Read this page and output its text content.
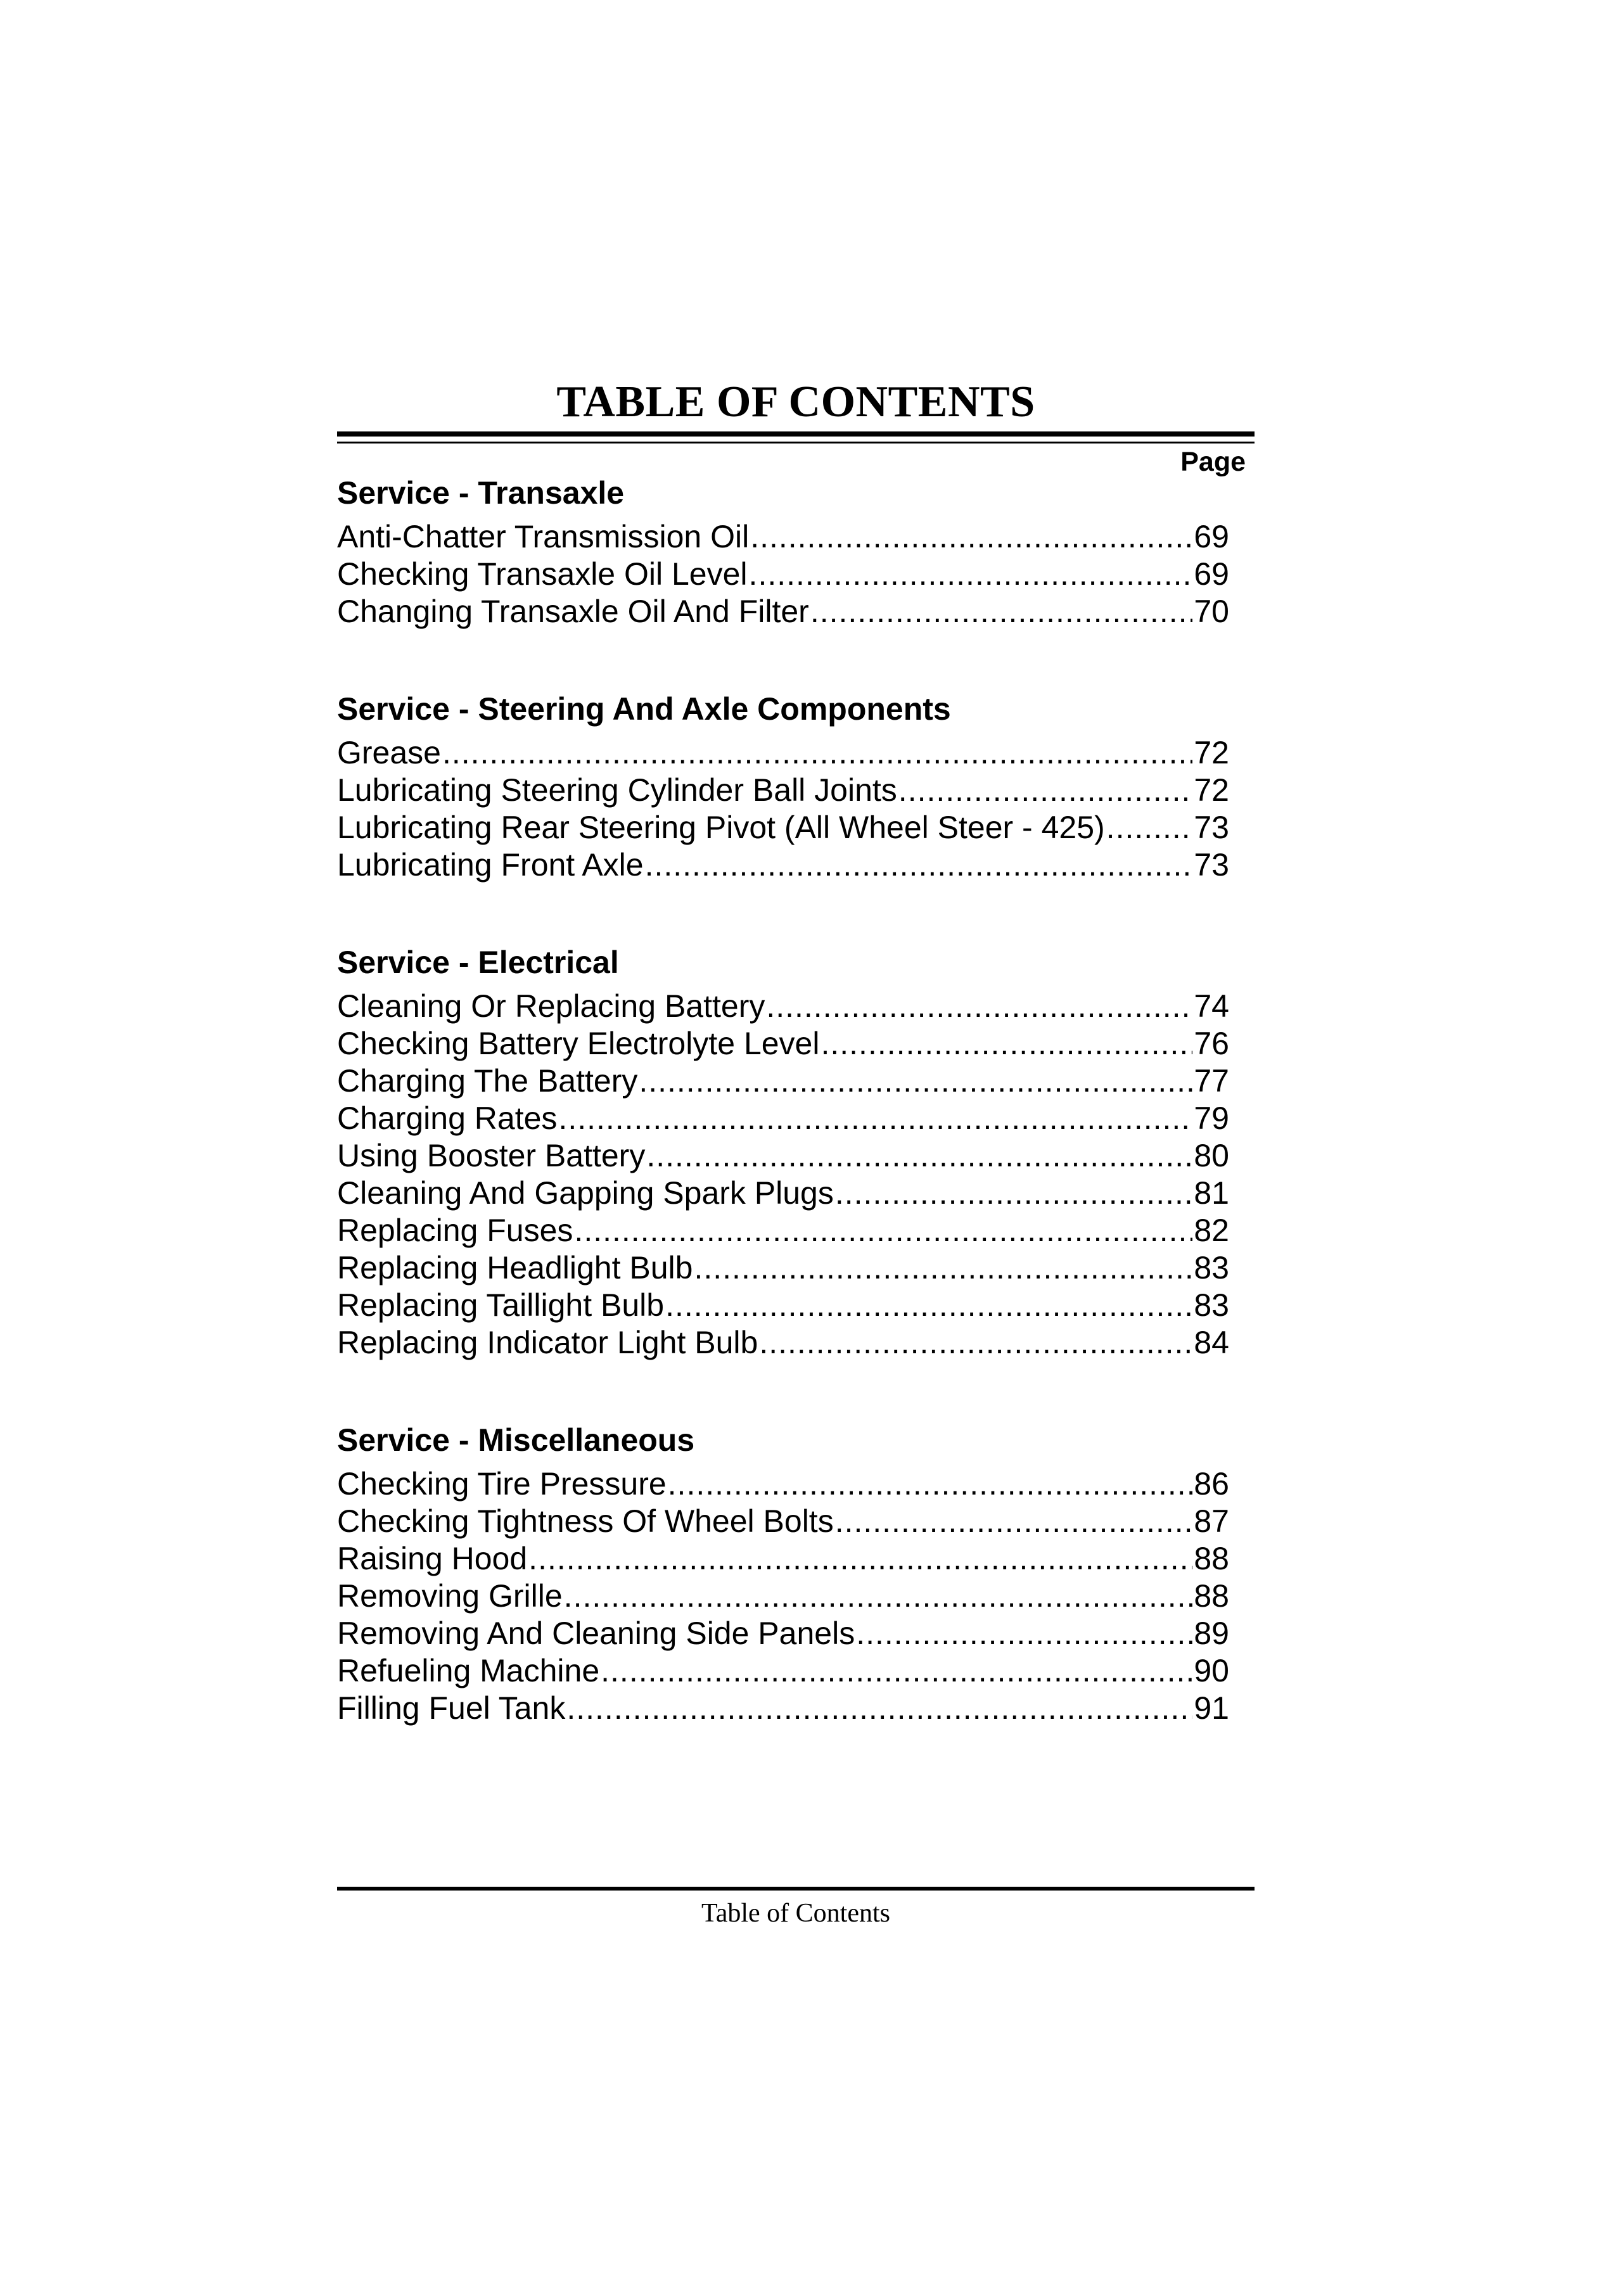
TABLE OF CONTENTS
Page
Service - Transaxle
Anti-Chatter Transmission Oil .....	69
Checking Transaxle Oil Level .....	69
Changing Transaxle Oil And Filter .....	70
Service - Steering And Axle Components
Grease .....	72
Lubricating Steering Cylinder Ball Joints .....	72
Lubricating Rear Steering Pivot (All Wheel Steer - 425) .....	73
Lubricating Front Axle .....	73
Service - Electrical
Cleaning Or Replacing Battery .....	74
Checking Battery Electrolyte Level .....	76
Charging The Battery .....	77
Charging Rates .....	79
Using Booster Battery .....	80
Cleaning And Gapping Spark Plugs .....	81
Replacing Fuses .....	82
Replacing Headlight Bulb .....	83
Replacing Taillight Bulb .....	83
Replacing Indicator Light Bulb .....	84
Service - Miscellaneous
Checking Tire Pressure .....	86
Checking Tightness Of Wheel Bolts .....	87
Raising Hood .....	88
Removing Grille .....	88
Removing And Cleaning Side Panels .....	89
Refueling Machine .....	90
Filling Fuel Tank .....	91
Table of Contents
